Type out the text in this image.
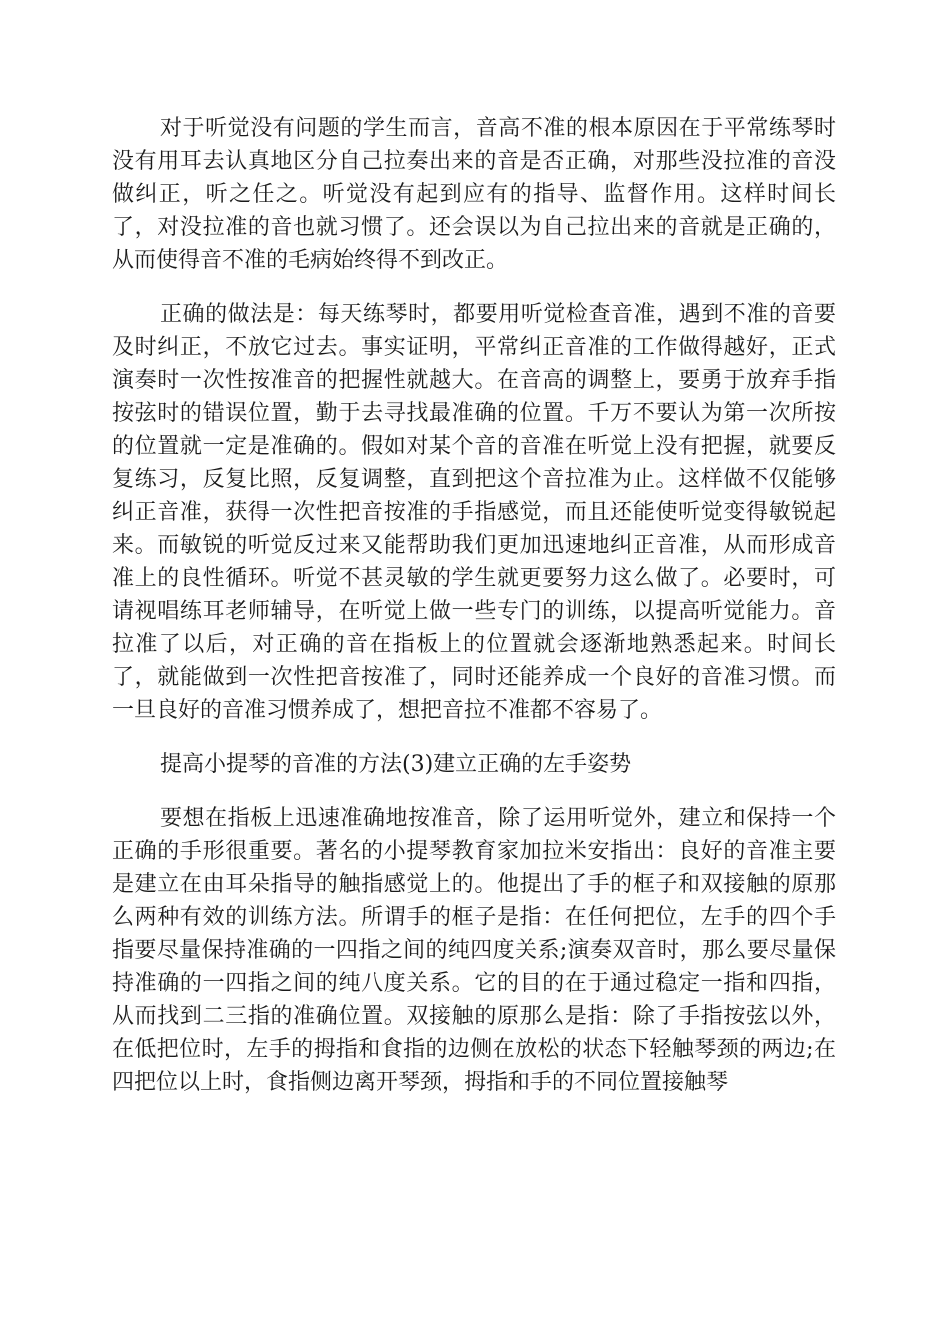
对于听觉没有问题的学生而言，音高不准的根本原因在于平常练琴时没有用耳去认真地区分自己拉奏出来的音是否正确，对那些没拉准的音没做纠正，听之任之。听觉没有起到应有的指导、监督作用。这样时间长了，对没拉准的音也就习惯了。还会误以为自己拉出来的音就是正确的，从而使得音不准的毛病始终得不到改正。

正确的做法是：每天练琴时，都要用听觉检查音准，遇到不准的音要及时纠正，不放它过去。事实证明，平常纠正音准的工作做得越好，正式演奏时一次性按准音的把握性就越大。在音高的调整上，要勇于放弃手指按弦时的错误位置，勤于去寻找最准确的位置。千万不要认为第一次所按的位置就一定是准确的。假如对某个音的音准在听觉上没有把握，就要反复练习，反复比照，反复调整，直到把这个音拉准为止。这样做不仅能够纠正音准，获得一次性把音按准的手指感觉，而且还能使听觉变得敏锐起来。而敏锐的听觉反过来又能帮助我们更加迅速地纠正音准，从而形成音准上的良性循环。听觉不甚灵敏的学生就更要努力这么做了。必要时，可请视唱练耳老师辅导，在听觉上做一些专门的训练，以提高听觉能力。音拉准了以后，对正确的音在指板上的位置就会逐渐地熟悉起来。时间长了，就能做到一次性把音按准了，同时还能养成一个良好的音准习惯。而一旦良好的音准习惯养成了，想把音拉不准都不容易了。

提高小提琴的音准的方法(3)建立正确的左手姿势

要想在指板上迅速准确地按准音，除了运用听觉外，建立和保持一个正确的手形很重要。著名的小提琴教育家加拉米安指出：良好的音准主要是建立在由耳朵指导的触指感觉上的。他提出了手的框子和双接触的原那么两种有效的训练方法。所谓手的框子是指：在任何把位，左手的四个手指要尽量保持准确的一四指之间的纯四度关系;演奏双音时，那么要尽量保持准确的一四指之间的纯八度关系。它的目的在于通过稳定一指和四指，从而找到二三指的准确位置。双接触的原那么是指：除了手指按弦以外，在低把位时，左手的拇指和食指的边侧在放松的状态下轻触琴颈的两边;在四把位以上时，食指侧边离开琴颈，拇指和手的不同位置接触琴
